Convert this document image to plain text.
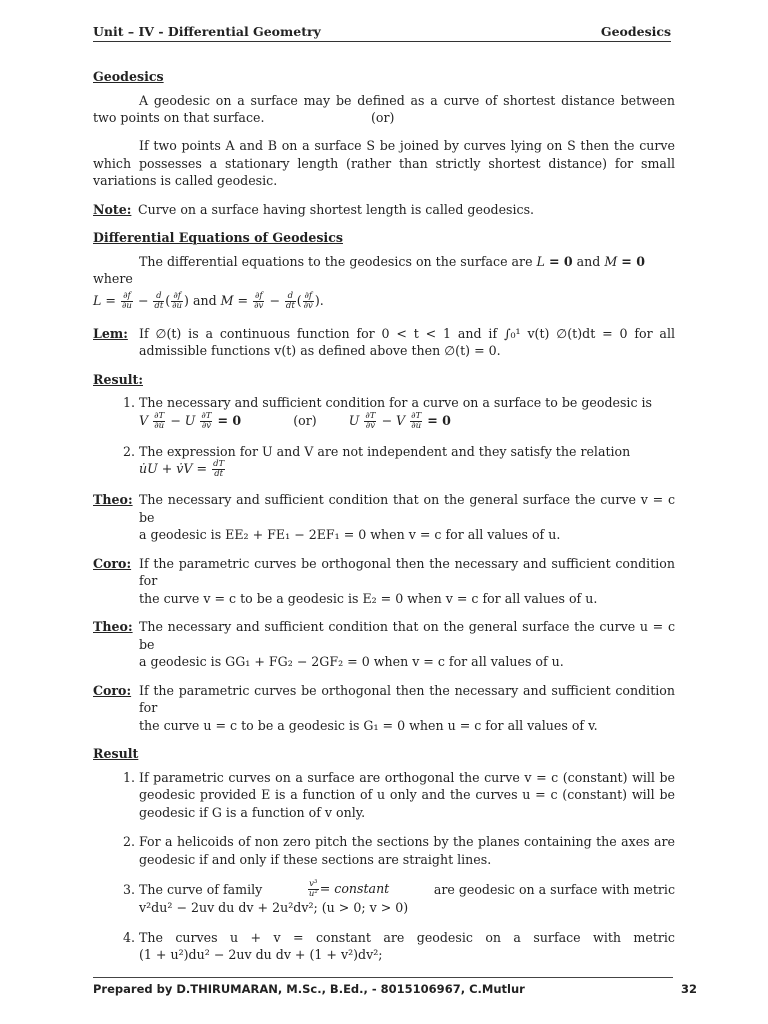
Unit – IV - Differential Geometry	Geodesics
Geodesics

A geodesic on a surface may be defined as a curve of shortest distance between two points on that surface.	(or)

If two points A and B on a surface S be joined by curves lying on S then the curve which possesses a stationary length (rather than strictly shortest distance) for small variations is called geodesic.

Note: Curve on a surface having shortest length is called geodesics.
Differential Equations of Geodesics

The differential equations to the geodesics on the surface are L = 0 and M = 0 where

$L = \frac{\partial f}{\partial u} - \frac{d}{dt}$ ( $\frac{\partial f}{\partial u̇}$ ) and $M = \frac{\partial f}{\partial v} - \frac{d}{dt}$ ( $\frac{\partial f}{\partial v̇}$ ).

Lem: If ∅(t) is a continuous function for 0 < t < 1 and if ∫₀¹ v(t) ∅(t)dt = 0 for all
admissible functions v(t) as defined above then ∅(t) = 0.
Result:
1. The necessary and sufficient condition for a curve on a surface to be geodesic is
V $\frac{\partial T}{\partial u̇} - U \frac{\partial T}{\partial v̇} = 0$	(or)	U $\frac{\partial T}{\partial v̇} - V \frac{\partial T}{\partial u̇} = 0$
2. The expression for U and V are not independent and they satisfy the relation
u̇U + v̇V = $\frac{dT}{dt}$
Theo: The necessary and sufficient condition that on the general surface the curve v = c be
a geodesic is EE₂ + FE₁ − 2EF₁ = 0 when v = c for all values of u.
Coro: If the parametric curves be orthogonal then the necessary and sufficient condition for
the curve v = c to be a geodesic is E₂ = 0 when v = c for all values of u.
Theo: The necessary and sufficient condition that on the general surface the curve u = c be
a geodesic is GG₁ + FG₂ − 2GF₂ = 0 when v = c for all values of u.
Coro: If the parametric curves be orthogonal then the necessary and sufficient condition for
the curve u = c to be a geodesic is G₁ = 0 when u = c for all values of v.
Result
1. If parametric curves on a surface are orthogonal the curve v = c (constant) will be geodesic provided E is a function of u only and the curves u = c (constant) will be geodesic if G is a function of v only.
2. For a helicoids of non zero pitch the sections by the planes containing the axes are geodesic if and only if these sections are straight lines.
3. The curve of family	$\frac{\text{v³}}{\text{u²}}$ = constant	are geodesic on a surface with metric
v²du² − 2uv du dv + 2u²dv²; (u > 0; v > 0)
4. The curves u + v = constant are geodesic on a surface with metric
(1 + u²)du² − 2uv du dv + (1 + v²)dv²;
Prepared by D.THIRUMARAN, M.Sc., B.Ed., - 8015106967, C.Mutlur	32
